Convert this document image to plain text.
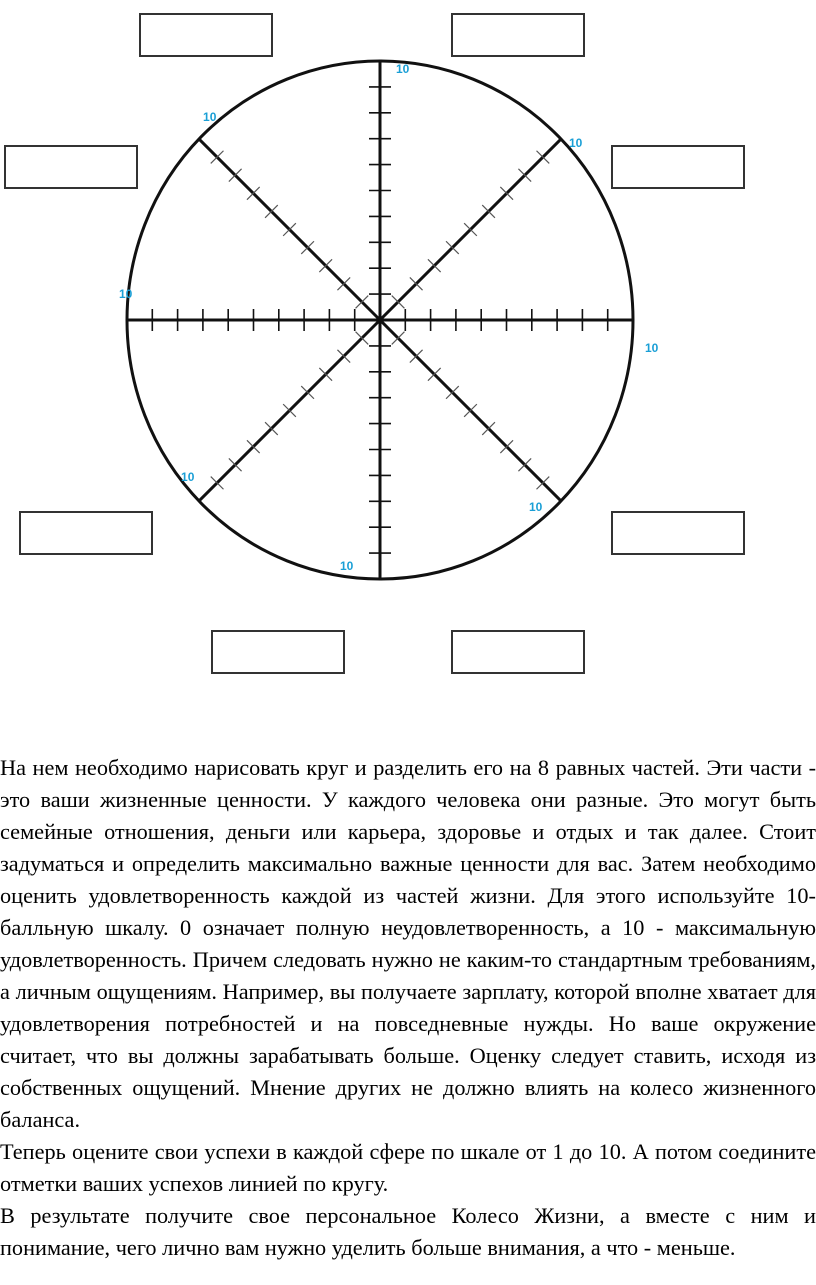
10
10
10
10
10
10
10
10

На нем необходимо нарисовать круг и разделить его на 8 равных частей. Эти части - это ваши жизненные ценности. У каждого человека они разные. Это могут быть семейные отношения, деньги или карьера, здоровье и отдых и так далее. Стоит задуматься и определить максимально важные ценности для вас. Затем необходимо оценить удовлетворенность каждой из частей жизни. Для этого используйте 10-балльную шкалу. 0 означает полную неудовлетворенность, а 10 - максимальную удовлетворенность. Причем следовать нужно не каким-то стандартным требованиям, а личным ощущениям. Например, вы получаете зарплату, которой вполне хватает для удовлетворения потребностей и на повседневные нужды. Но ваше окружение считает, что вы должны зарабатывать больше. Оценку следует ставить, исходя из собственных ощущений. Мнение других не должно влиять на колесо жизненного баланса.

Теперь оцените свои успехи в каждой сфере по шкале от 1 до 10. А потом соедините отметки ваших успехов линией по кругу.

В результате получите свое персональное Колесо Жизни, а вместе с ним и понимание, чего лично вам нужно уделить больше внимания, а что - меньше.
